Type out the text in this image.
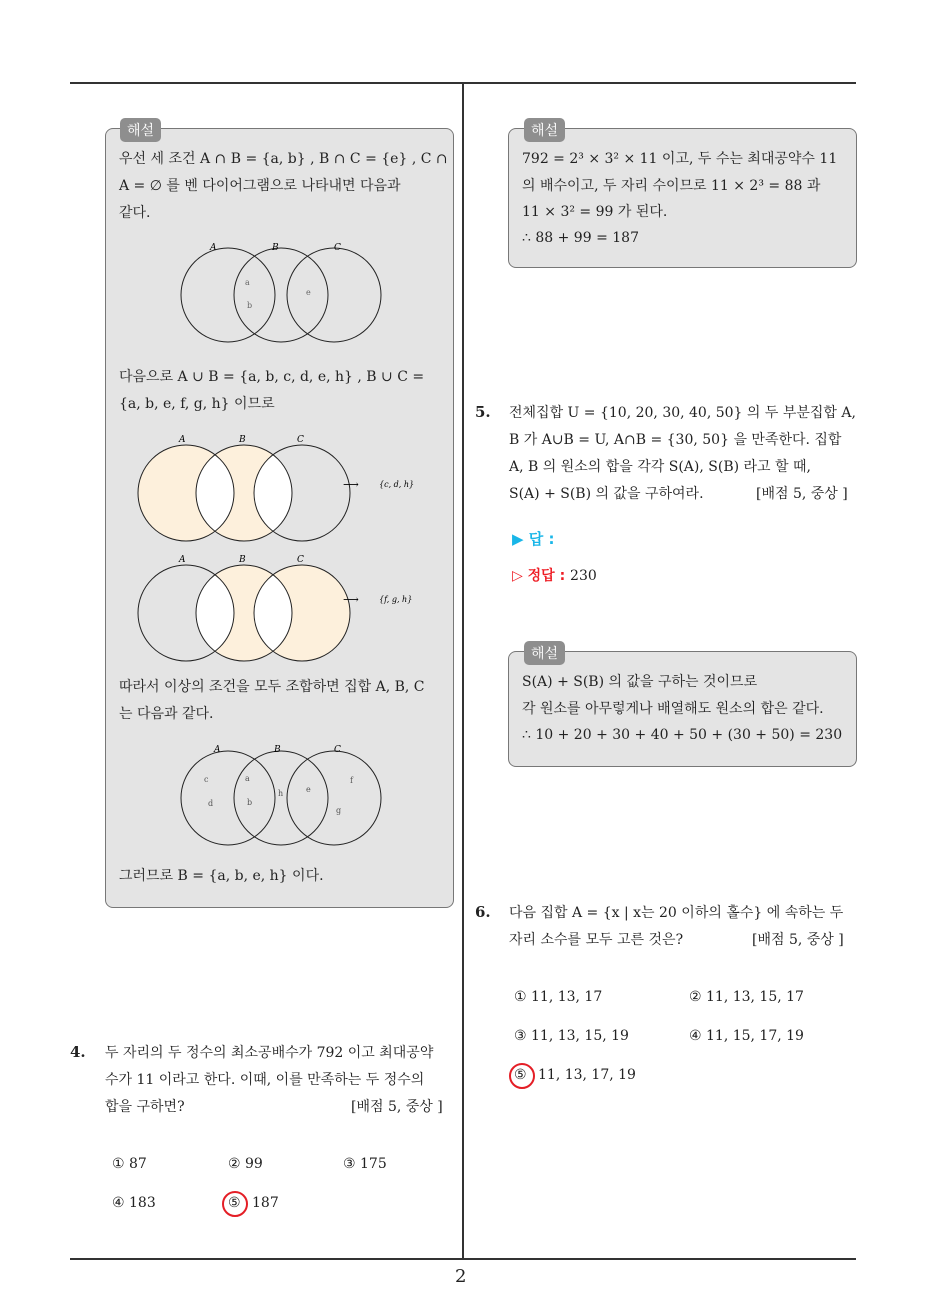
해설
우선 세 조건 A ∩ B = {a, b} , B ∩ C = {e} , C ∩
A = ∅ 를 벤 다이어그램으로 나타내면 다음과
같다.
A	B	C
a
b
e
다음으로 A ∪ B = {a, b, c, d, e, h} , B ∪ C =
{a, b, e, f, g, h} 이므로
A	B	C
⟶	{c, d, h}
A	B	C
⟶	{f, g, h}
따라서 이상의 조건을 모두 조합하면 집합 A, B, C
는 다음과 같다.
A	B	C
c
d
a
b
h	e
f
g
그러므로 B = {a, b, e, h} 이다.
4. 두 자리의 두 정수의 최소공배수가 792 이고 최대공약
수가 11 이라고 한다. 이때, 이를 만족하는 두 정수의
합을 구하면?	[배점 5, 중상 ]
① 87	② 99	③ 175
④ 183	⑤ 187
해설
792 = 2³ × 3² × 11 이고, 두 수는 최대공약수 11
의 배수이고, 두 자리 수이므로 11 × 2³ = 88 과
11 × 3² = 99 가 된다.
∴ 88 + 99 = 187
5. 전체집합 U = {10, 20, 30, 40, 50} 의 두 부분집합 A,
B 가 A∪B = U, A∩B = {30, 50} 을 만족한다. 집합
A, B 의 원소의 합을 각각 S(A), S(B) 라고 할 때,
S(A) + S(B) 의 값을 구하여라.	[배점 5, 중상 ]
▶ 답 :
▷ 정답 : 230
해설
S(A) + S(B) 의 값을 구하는 것이므로
각 원소를 아무렇게나 배열해도 원소의 합은 같다.
∴ 10 + 20 + 30 + 40 + 50 + (30 + 50) = 230
6. 다음 집합 A = {x | x는 20 이하의 홀수} 에 속하는 두
자리 소수를 모두 고른 것은?	[배점 5, 중상 ]
① 11, 13, 17	② 11, 13, 15, 17
③ 11, 13, 15, 19	④ 11, 15, 17, 19
⑤ 11, 13, 17, 19
2
